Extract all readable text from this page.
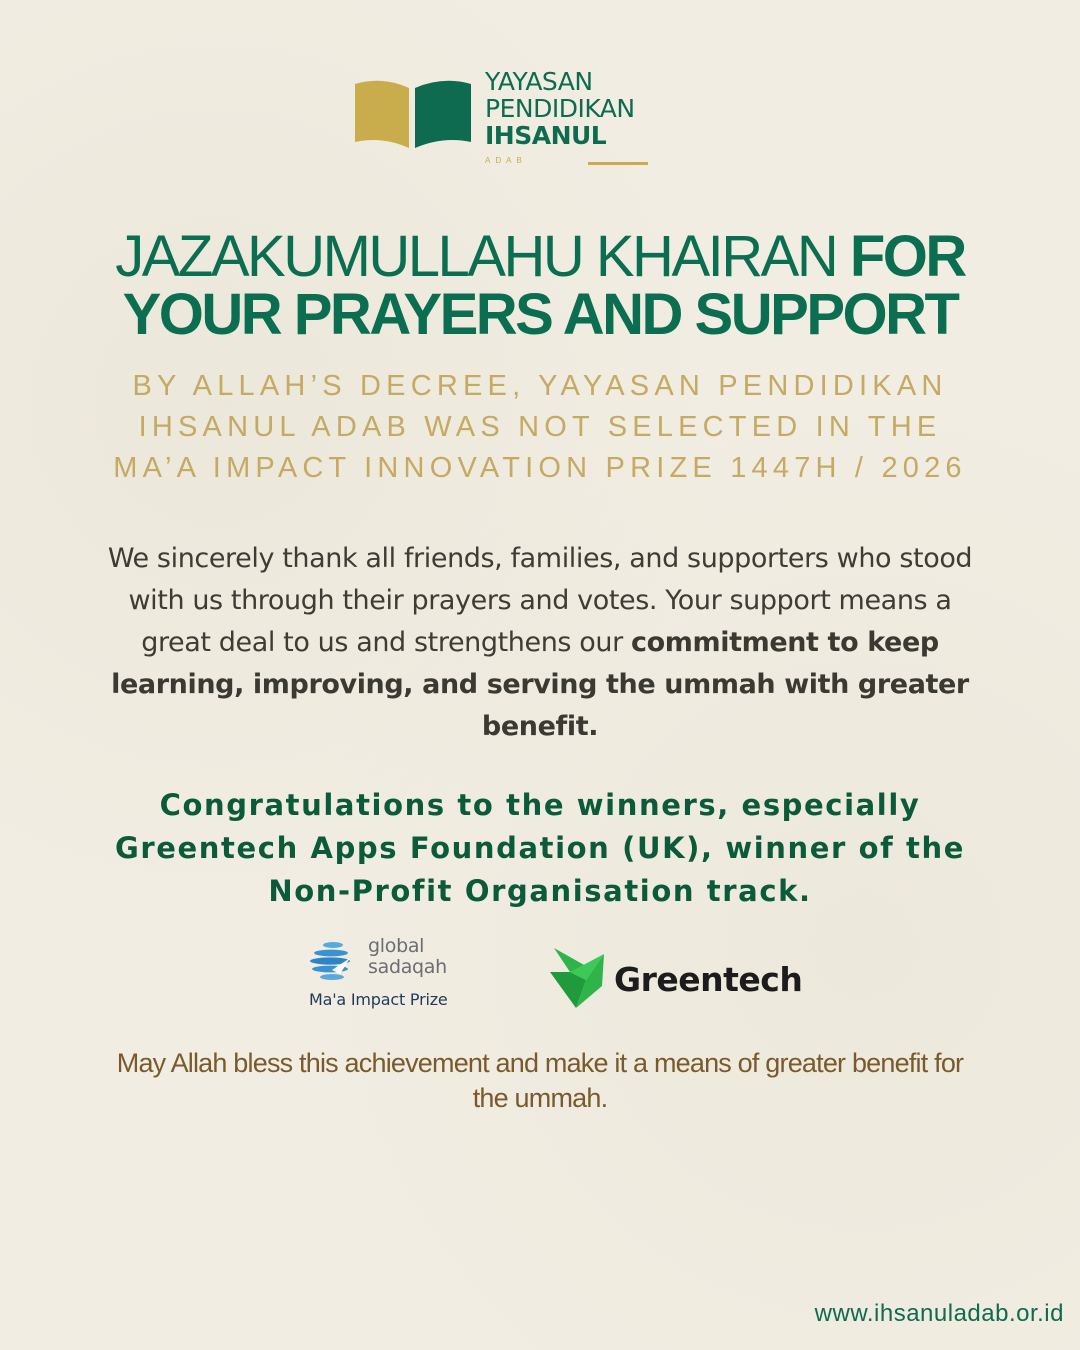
YAYASAN
PENDIDIKAN
IHSANUL
ADAB
JAZAKUMULLAHU KHAIRAN FOR
YOUR PRAYERS AND SUPPORT
BY ALLAH’S DECREE, YAYASAN PENDIDIKAN IHSANUL ADAB WAS NOT SELECTED IN THE MA’A IMPACT INNOVATION PRIZE 1447H / 2026
We sincerely thank all friends, families, and supporters who stood with us through their prayers and votes. Your support means a great deal to us and strengthens our commitment to keep learning, improving, and serving the ummah with greater benefit.
Congratulations to the winners, especially Greentech Apps Foundation (UK), winner of the Non-Profit Organisation track.
global
sadaqah
Ma'a Impact Prize
Greentech
May Allah bless this achievement and make it a means of greater benefit for the ummah.
www.ihsanuladab.or.id
